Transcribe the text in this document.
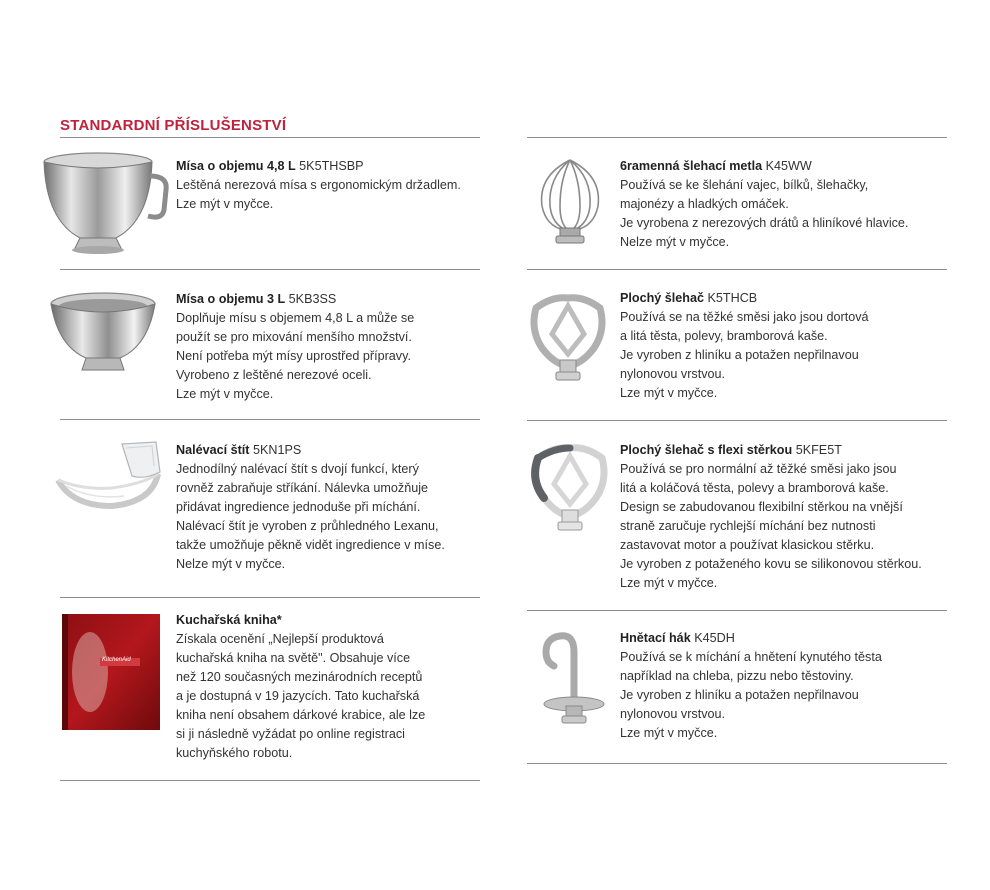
STANDARDNÍ PŘÍSLUŠENSTVÍ
Mísa o objemu 4,8 L 5K5THSBP
Leštěná nerezová mísa s ergonomickým držadlem.
Lze mýt v myčce.
Mísa o objemu 3 L 5KB3SS
Doplňuje mísu s objemem 4,8 L a může se
použít se pro mixování menšího množství.
Není potřeba mýt mísy uprostřed přípravy.
Vyrobeno z leštěné nerezové oceli.
Lze mýt v myčce.
Nalévací štít 5KN1PS
Jednodílný nalévací štít s dvojí funkcí, který
rovněž zabraňuje stříkání. Nálevka umožňuje
přidávat ingredience jednoduše při míchání.
Nalévací štít je vyroben z průhledného Lexanu,
takže umožňuje pěkně vidět ingredience v míse.
Nelze mýt v myčce.
KitchenAid
Kuchařská kniha*
Získala ocenění „Nejlepší produktová
kuchařská kniha na světě". Obsahuje více
než 120 současných mezinárodních receptů
a je dostupná v 19 jazycích. Tato kuchařská
kniha není obsahem dárkové krabice, ale lze
si ji následně vyžádat po online registraci
kuchyňského robotu.
6ramenná šlehací metla K45WW
Používá se ke šlehání vajec, bílků, šlehačky,
majonézy a hladkých omáček.
Je vyrobena z nerezových drátů a hliníkové hlavice.
Nelze mýt v myčce.
Plochý šlehač K5THCB
Používá se na těžké směsi jako jsou dortová
a litá těsta, polevy, bramborová kaše.
Je vyroben z hliníku a potažen nepřilnavou
nylonovou vrstvou.
Lze mýt v myčce.
Plochý šlehač s flexi stěrkou 5KFE5T
Používá se pro normální až těžké směsi jako jsou
litá a koláčová těsta, polevy a bramborová kaše.
Design se zabudovanou flexibilní stěrkou na vnější
straně zaručuje rychlejší míchání bez nutnosti
zastavovat motor a používat klasickou stěrku.
Je vyroben z potaženého kovu se silikonovou stěrkou.
Lze mýt v myčce.
Hnětací hák K45DH
Používá se k míchání a hnětení kynutého těsta
například na chleba, pizzu nebo těstoviny.
Je vyroben z hliníku a potažen nepřilnavou
nylonovou vrstvou.
Lze mýt v myčce.
